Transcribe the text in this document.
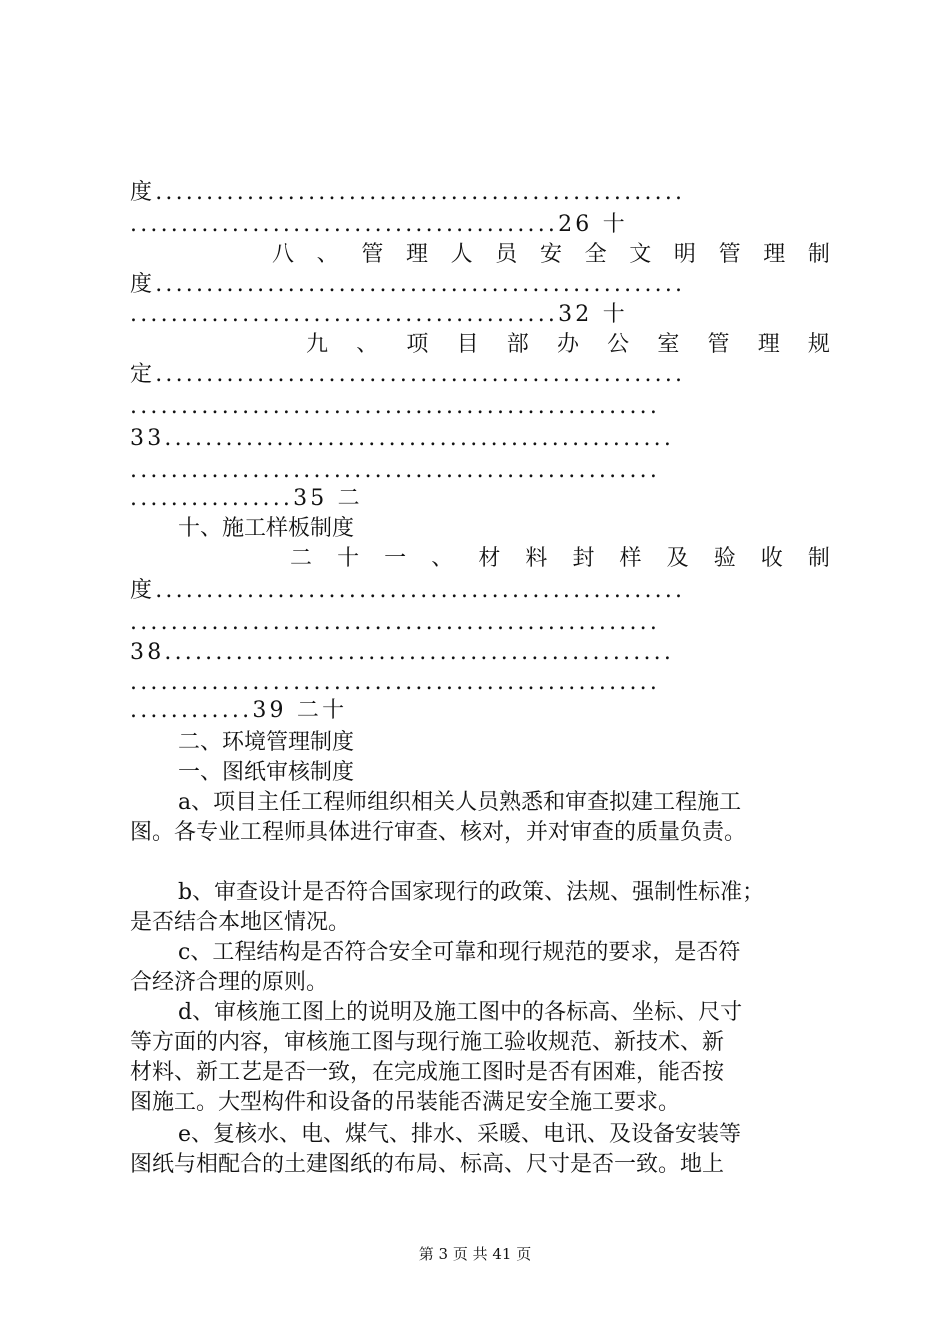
度....................................................
..........................................26 十
八 、 管 理 人 员 安 全 文 明 管 理 制
度....................................................
..........................................32 十
九 、 项 目 部 办 公 室 管 理 规
定....................................................
....................................................
33..................................................
....................................................
................35 二
十、施工样板制度
二 十 一 、 材 料 封 样 及 验 收 制
度....................................................
....................................................
38..................................................
....................................................
............39 二十
二、环境管理制度
一、图纸审核制度
a、项目主任工程师组织相关人员熟悉和审查拟建工程施工
图。各专业工程师具体进行审查、核对，并对审查的质量负责。
b、审查设计是否符合国家现行的政策、法规、强制性标准；
是否结合本地区情况。
c、工程结构是否符合安全可靠和现行规范的要求，是否符
合经济合理的原则。
d、审核施工图上的说明及施工图中的各标高、坐标、尺寸
等方面的内容，审核施工图与现行施工验收规范、新技术、新
材料、新工艺是否一致，在完成施工图时是否有困难，能否按
图施工。大型构件和设备的吊装能否满足安全施工要求。
e、复核水、电、煤气、排水、采暖、电讯、及设备安装等
图纸与相配合的土建图纸的布局、标高、尺寸是否一致。地上
第 3 页 共 41 页
